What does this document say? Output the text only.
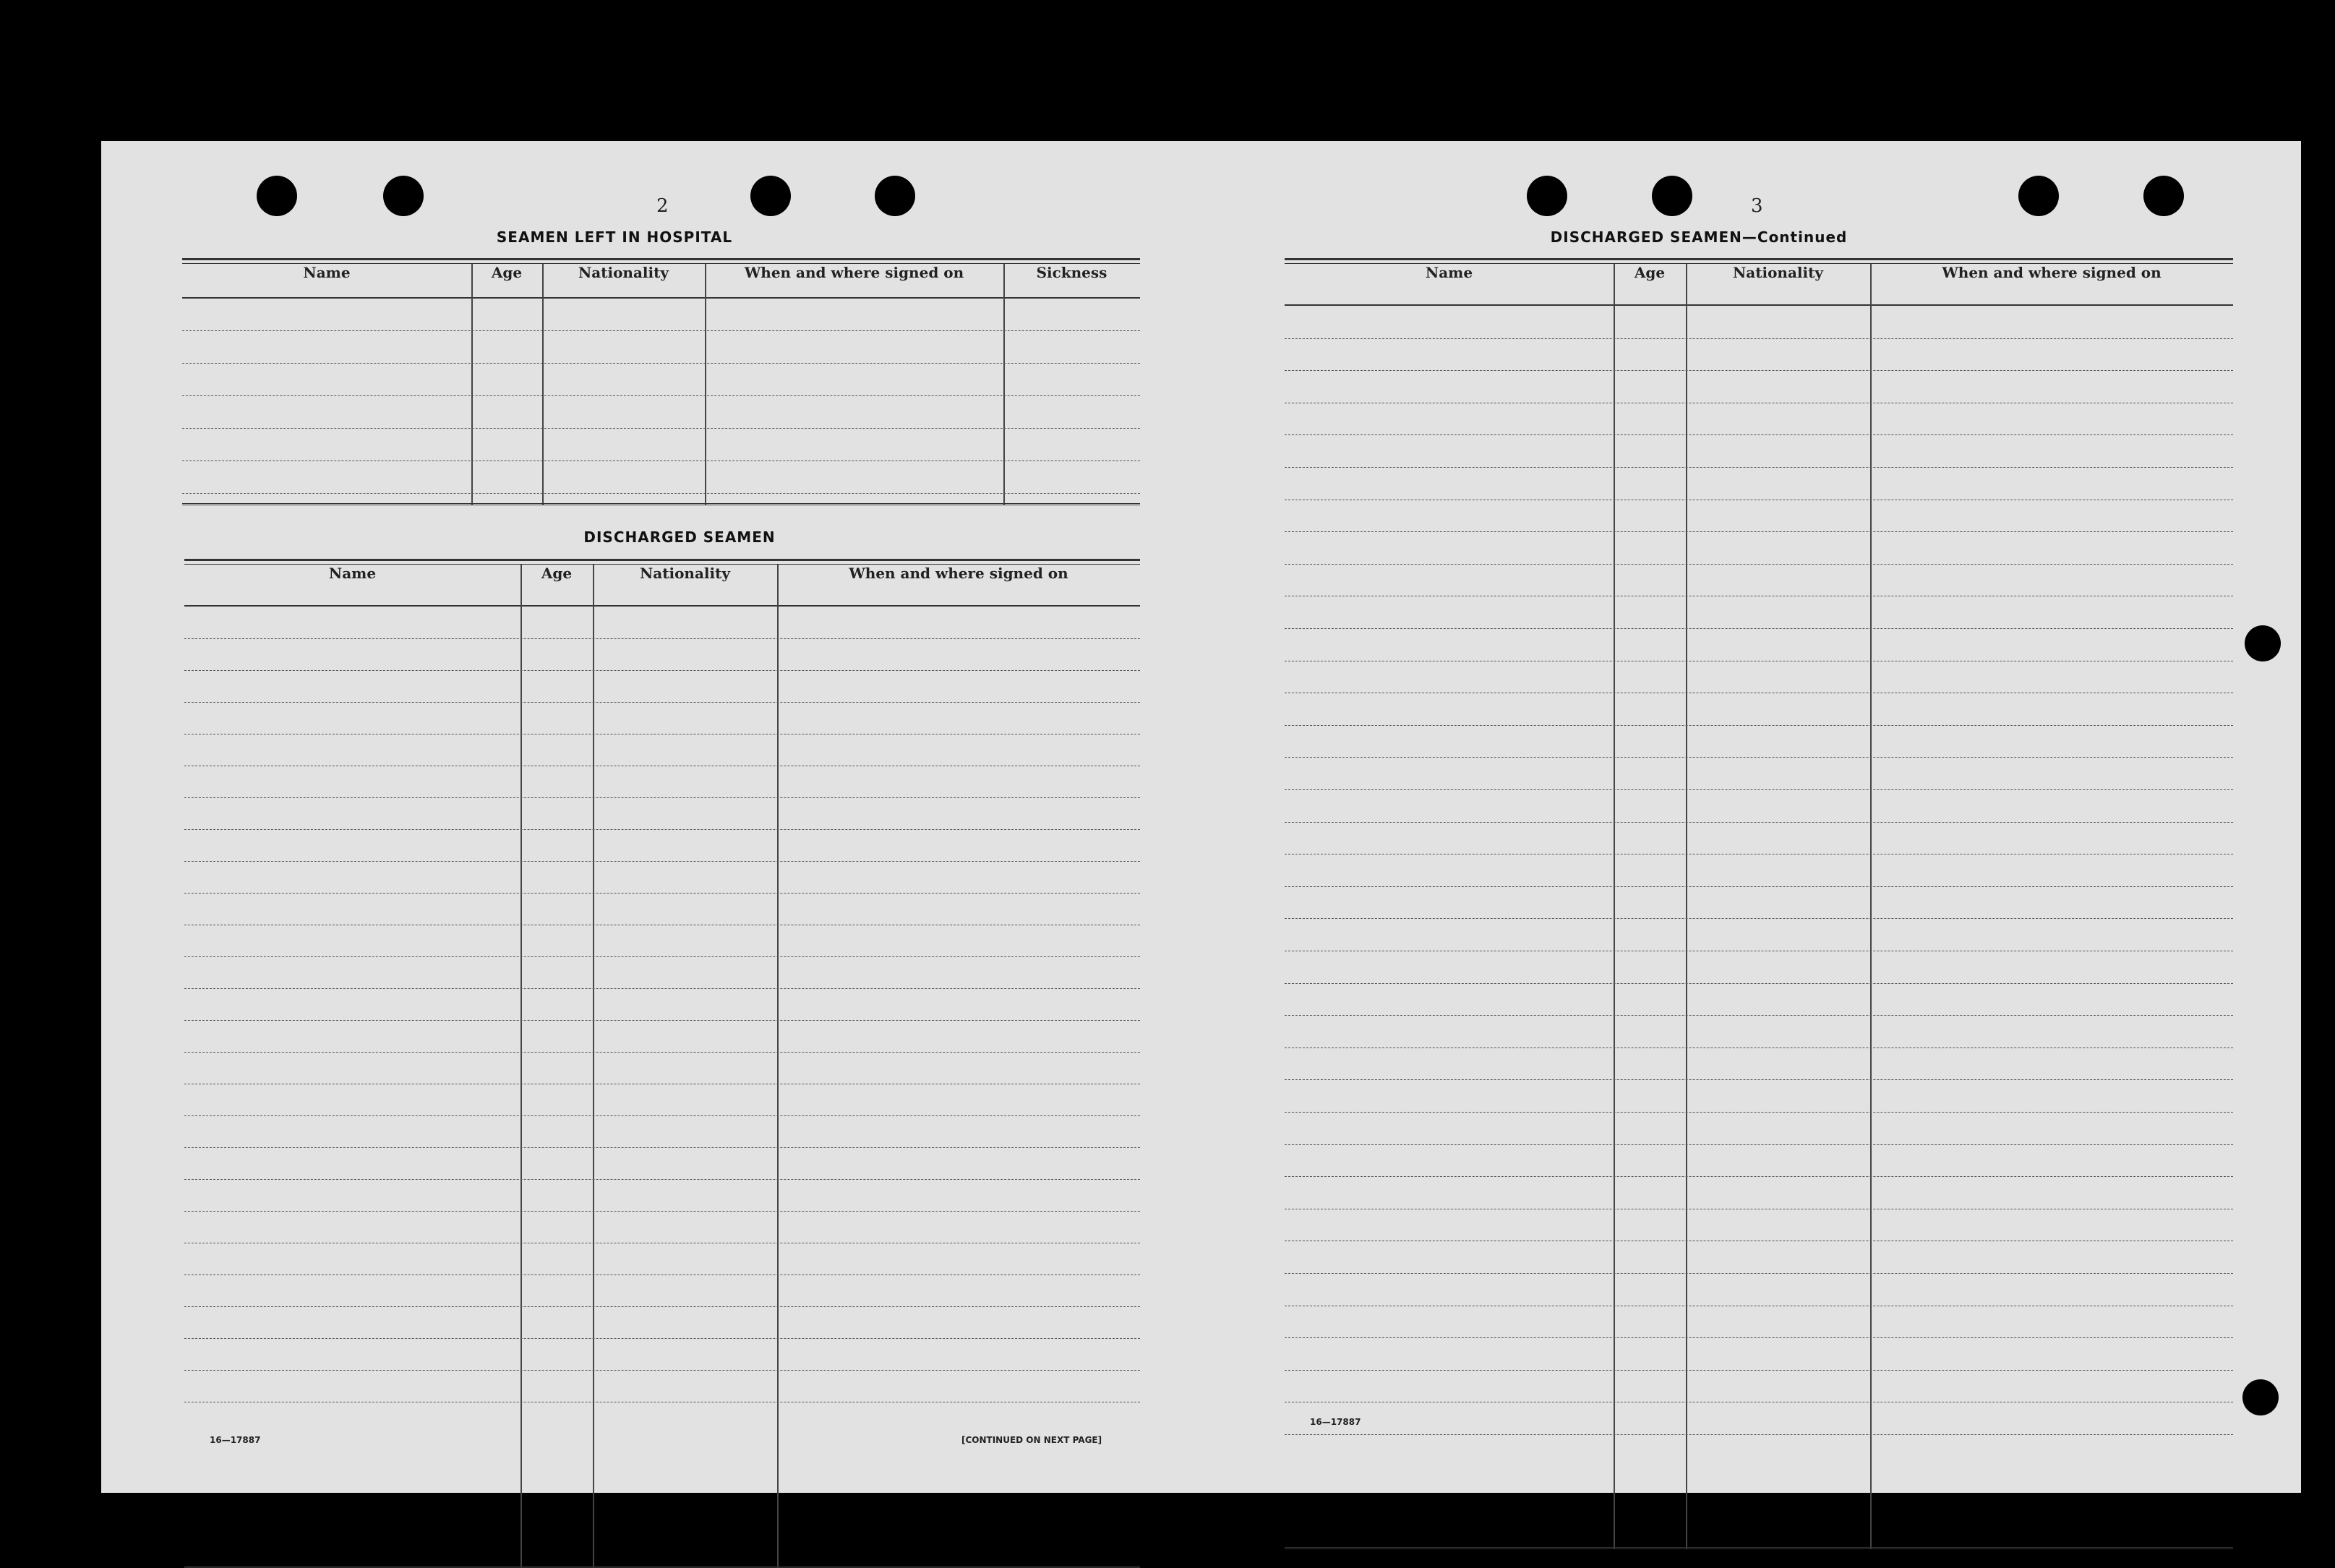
2
SEAMEN LEFT IN HOSPITAL
Name	Age	Nationality	When and where signed on	Sickness
DISCHARGED SEAMEN
Name	Age	Nationality	When and where signed on
16—17887	[CONTINUED ON NEXT PAGE]
3
DISCHARGED SEAMEN—Continued
Name	Age	Nationality	When and where signed on
16—17887
